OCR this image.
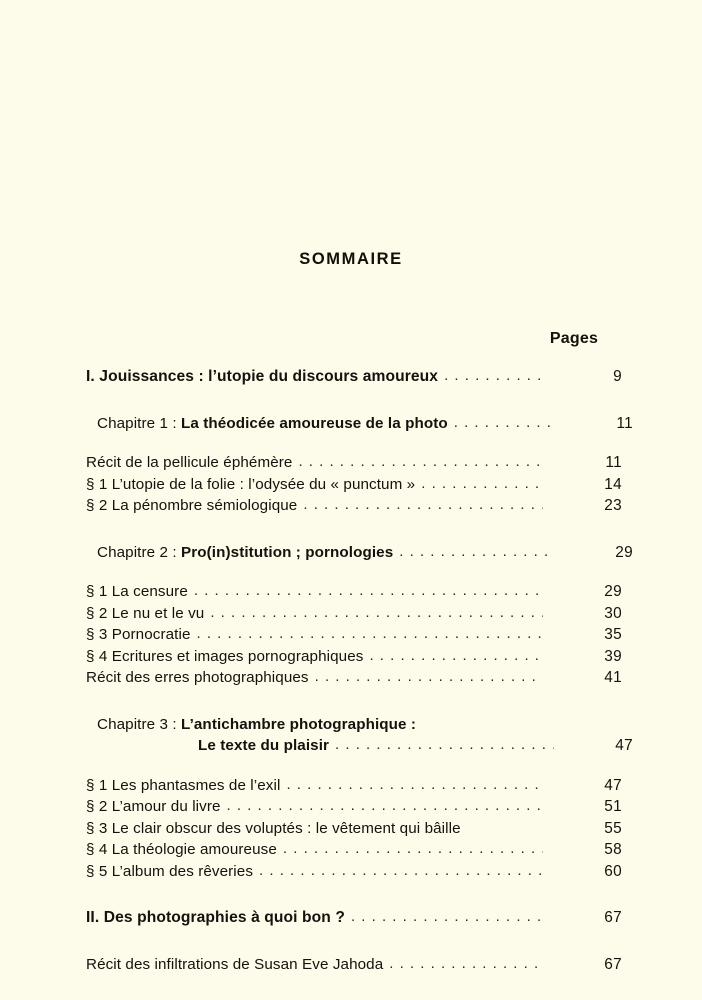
SOMMAIRE
Pages
I. Jouissances : l’utopie du discours amoureux . . .	9
Chapitre 1 : La théodicée amoureuse de la photo . . .	11
Récit de la pellicule éphémère . . .	11
§ 1 L’utopie de la folie : l’odysée du « punctum » . . .	14
§ 2 La pénombre sémiologique . . .	23
Chapitre 2 : Pro(in)stitution ; pornologies . . .	29
§ 1 La censure . . .	29
§ 2 Le nu et le vu . . .	30
§ 3 Pornocratie . . .	35
§ 4 Ecritures et images pornographiques . . .	39
Récit des erres photographiques . . .	41
Chapitre 3 : L’antichambre photographique :
Le texte du plaisir . . .	47
§ 1 Les phantasmes de l’exil . . .	47
§ 2 L’amour du livre . . .	51
§ 3 Le clair obscur des voluptés : le vêtement qui bâille	55
§ 4 La théologie amoureuse . . .	58
§ 5 L’album des rêveries . . .	60
II. Des photographies à quoi bon ? . . .	67
Récit des infiltrations de Susan Eve Jahoda . . .	67
